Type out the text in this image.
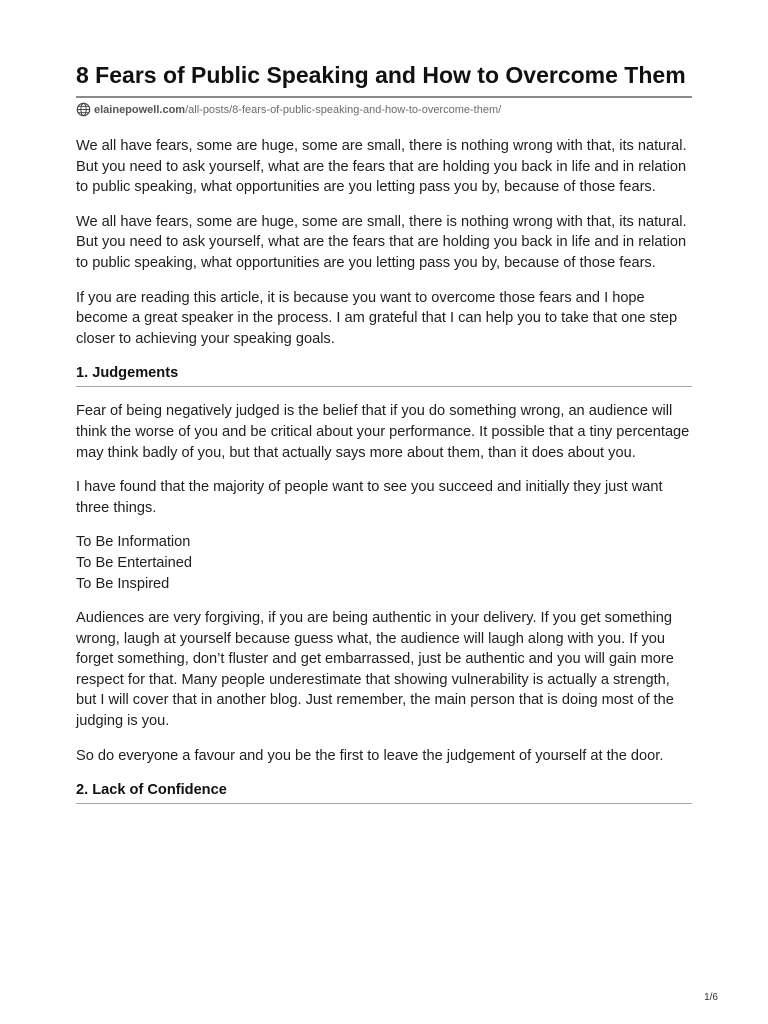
8 Fears of Public Speaking and How to Overcome Them
elainepowell.com/all-posts/8-fears-of-public-speaking-and-how-to-overcome-them/

We all have fears, some are huge, some are small, there is nothing wrong with that, its natural. But you need to ask yourself, what are the fears that are holding you back in life and in relation to public speaking, what opportunities are you letting pass you by, because of those fears.

We all have fears, some are huge, some are small, there is nothing wrong with that, its natural. But you need to ask yourself, what are the fears that are holding you back in life and in relation to public speaking, what opportunities are you letting pass you by, because of those fears.

If you are reading this article, it is because you want to overcome those fears and I hope become a great speaker in the process. I am grateful that I can help you to take that one step closer to achieving your speaking goals.

1. Judgements

Fear of being negatively judged is the belief that if you do something wrong, an audience will think the worse of you and be critical about your performance. It possible that a tiny percentage may think badly of you, but that actually says more about them, than it does about you.

I have found that the majority of people want to see you succeed and initially they just want three things.

To Be Information
To Be Entertained
To Be Inspired

Audiences are very forgiving, if you are being authentic in your delivery. If you get something wrong, laugh at yourself because guess what, the audience will laugh along with you. If you forget something, don’t fluster and get embarrassed, just be authentic and you will gain more respect for that. Many people underestimate that showing vulnerability is actually a strength, but I will cover that in another blog. Just remember, the main person that is doing most of the judging is you.

So do everyone a favour and you be the first to leave the judgement of yourself at the door.

2. Lack of Confidence
1/6
